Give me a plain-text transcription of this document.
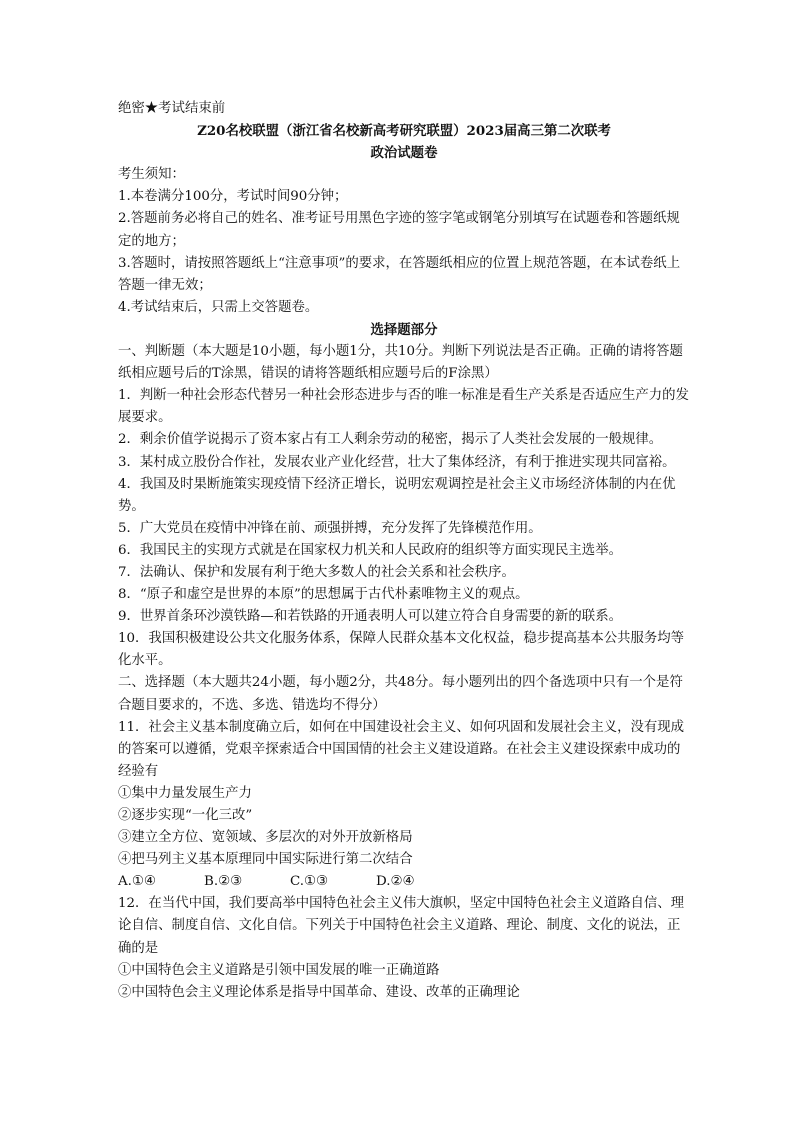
绝密★考试结束前
Z20名校联盟（浙江省名校新高考研究联盟）2023届高三第二次联考
政治试题卷
考生须知：
1.本卷满分100分，考试时间90分钟；
2.答题前务必将自己的姓名、准考证号用黑色字迹的签字笔或钢笔分别填写在试题卷和答题纸规定的地方；
3.答题时，请按照答题纸上“注意事项”的要求，在答题纸相应的位置上规范答题，在本试卷纸上答题一律无效；
4.考试结束后，只需上交答题卷。
选择题部分
一、判断题（本大题是10小题，每小题1分，共10分。判断下列说法是否正确。正确的请将答题纸相应题号后的T涂黑，错误的请将答题纸相应题号后的F涂黑）
1．判断一种社会形态代替另一种社会形态进步与否的唯一标准是看生产关系是否适应生产力的发展要求。
2．剩余价值学说揭示了资本家占有工人剩余劳动的秘密，揭示了人类社会发展的一般规律。
3．某村成立股份合作社，发展农业产业化经营，壮大了集体经济，有利于推进实现共同富裕。
4．我国及时果断施策实现疫情下经济正增长，说明宏观调控是社会主义市场经济体制的内在优势。
5．广大党员在疫情中冲锋在前、顽强拼搏，充分发挥了先锋模范作用。
6．我国民主的实现方式就是在国家权力机关和人民政府的组织等方面实现民主选举。
7．法确认、保护和发展有利于绝大多数人的社会关系和社会秩序。
8．“原子和虚空是世界的本原”的思想属于古代朴素唯物主义的观点。
9．世界首条环沙漠铁路—和若铁路的开通表明人可以建立符合自身需要的新的联系。
10．我国积极建设公共文化服务体系，保障人民群众基本文化权益，稳步提高基本公共服务均等化水平。
二、选择题（本大题共24小题，每小题2分，共48分。每小题列出的四个备选项中只有一个是符合题目要求的，不选、多选、错选均不得分）
11．社会主义基本制度确立后，如何在中国建设社会主义、如何巩固和发展社会主义，没有现成的答案可以遵循，党艰辛探索适合中国国情的社会主义建设道路。在社会主义建设探索中成功的经验有
①集中力量发展生产力
②逐步实现“一化三改”
③建立全方位、宽领域、多层次的对外开放新格局
④把马列主义基本原理同中国实际进行第二次结合
A.①④	B.②③	C.①③	D.②④
12．在当代中国，我们要高举中国特色社会主义伟大旗帜，坚定中国特色社会主义道路自信、理论自信、制度自信、文化自信。下列关于中国特色社会主义道路、理论、制度、文化的说法，正确的是
①中国特色会主义道路是引领中国发展的唯一正确道路
②中国特色会主义理论体系是指导中国革命、建设、改革的正确理论
